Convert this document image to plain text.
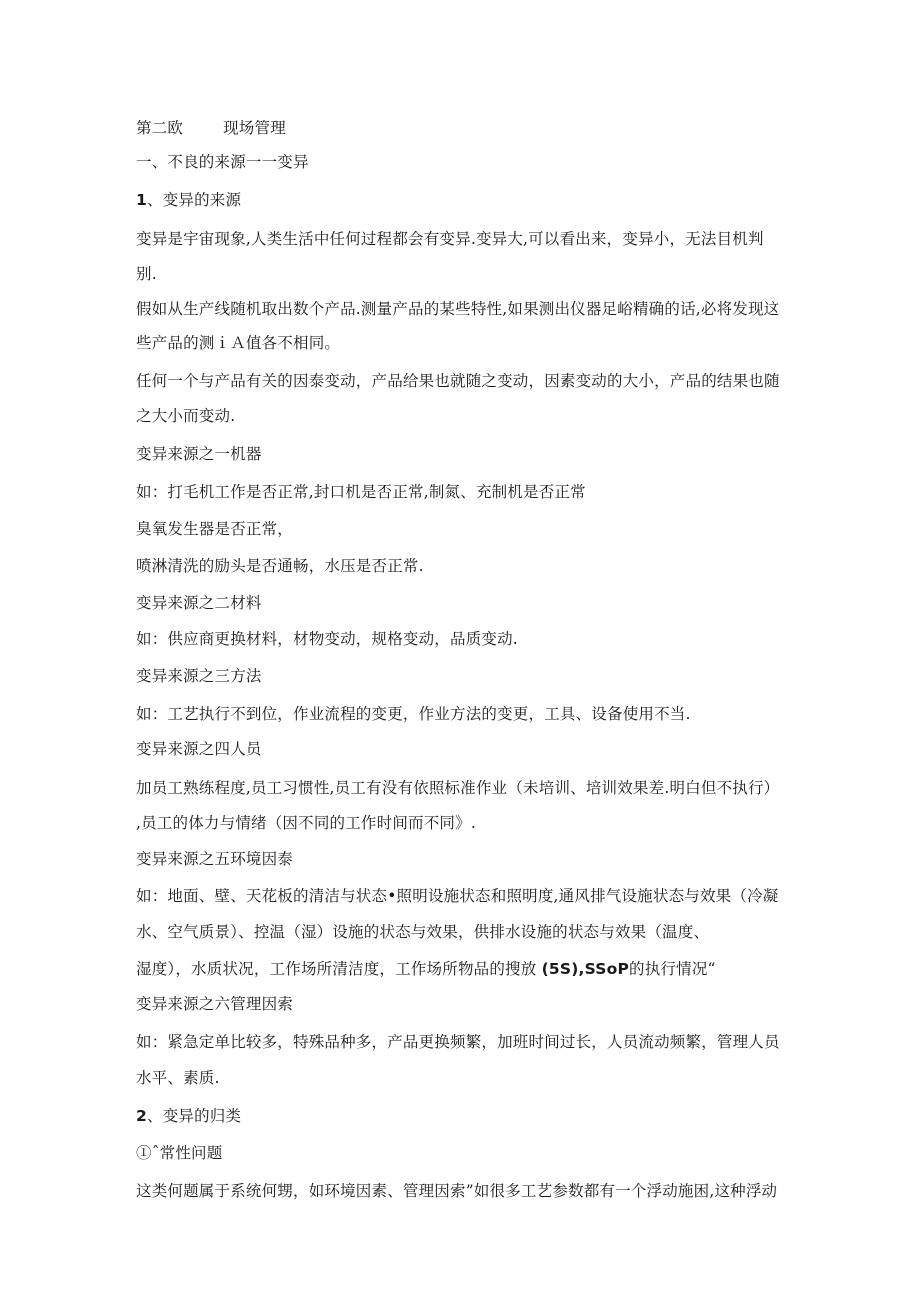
第二欧	现场管理
一、不良的来源一一变异
1、变异的来源
变异是宇宙现象,人类生活中任何过程都会有变异.变异大,可以看出来，变异小，无法目机判
别.
假如从生产线随机取出数个产品.测量产品的某些特性,如果测出仪器足峪精确的话,必将发现这
些产品的测ｉＡ值各不相同。
任何一个与产品有关的因泰变动，产品给果也就随之变动，因素变动的大小，产品的结果也随
之大小而变动.
变异来源之一机器
如：打毛机工作是否正常,封口机是否正常,制氮、充制机是否正常
臭氧发生器是否正常，
喷淋清洗的励头是否通畅，水压是否正常.
变异来源之二材料
如：供应商更换材料，材物变动，规格变动，品质变动.
变异来源之三方法
如：工艺执行不到位，作业流程的变更，作业方法的变更，工具、设备使用不当.
变异来源之四人员
加员工熟练程度,员工习惯性,员工有没有依照标准作业（未培训、培训效果差.明白但不执行）
,员工的体力与情绪（因不同的工作时间而不同》.
变异来源之五环境因泰
如：地面、壁、天花板的清洁与状态•照明设施状态和照明度,通风排气设施状态与效果（冷凝
水、空气质景）、控温（湿）设施的状态与效果，供排水设施的状态与效果（温度、
湿度），水质状况，工作场所清洁度，工作场所物品的搜放 (5S),SSoP的执行情况“
变异来源之六管理因索
如：紧急定单比较多，特殊品种多，产品更换频繁，加班时间过长，人员流动频繁，管理人员
水平、素质.
2、变异的归类
①ˆ常性问题
这类何题属于系统何甥，如环境因素、管理因索”如很多工艺参数都有一个浮动施困,这种浮动
